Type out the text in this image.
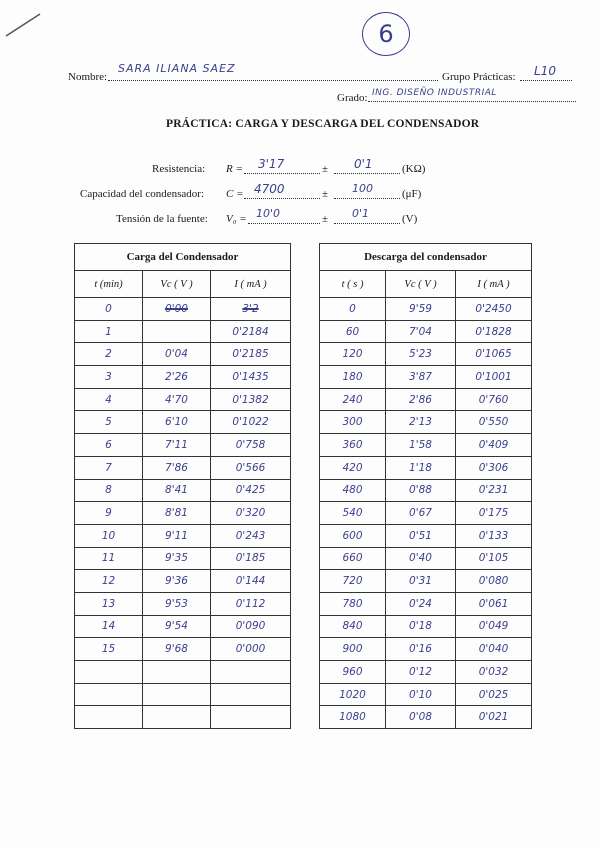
6
Nombre:
SARA ILIANA SAEZ
Grupo Prácticas: L10
Grado: ING. DISEÑO INDUSTRIAL
PRÁCTICA: CARGA Y DESCARGA DEL CONDENSADOR
Resistencia: R = 3'17	± 0'1	(KΩ)
Capacidad del condensador: C = 4700	± 100	(μF)
Tensión de la fuente: V₀ = 10'0	± 0'1	(V)
Carga del Condensador		
t (min)	Vc ( V )	I ( mA )
0	0'00	3'2
1		0'2184
2	0'04	0'2185
3	2'26	0'1435
4	4'70	0'1382
5	6'10	0'1022
6	7'11	0'758
7	7'86	0'566
8	8'41	0'425
9	8'81	0'320
10	9'11	0'243
11	9'35	0'185
12	9'36	0'144
13	9'53	0'112
14	9'54	0'090
15	9'68	0'000

Descarga del condensador		
t ( s )	Vc ( V )	I ( mA )
0	9'59	0'2450
60	7'04	0'1828
120	5'23	0'1065
180	3'87	0'1001
240	2'86	0'760
300	2'13	0'550
360	1'58	0'409
420	1'18	0'306
480	0'88	0'231
540	0'67	0'175
600	0'51	0'133
660	0'40	0'105
720	0'31	0'080
780	0'24	0'061
840	0'18	0'049
900	0'16	0'040
960	0'12	0'032
1020	0'10	0'025
1080	0'08	0'021
